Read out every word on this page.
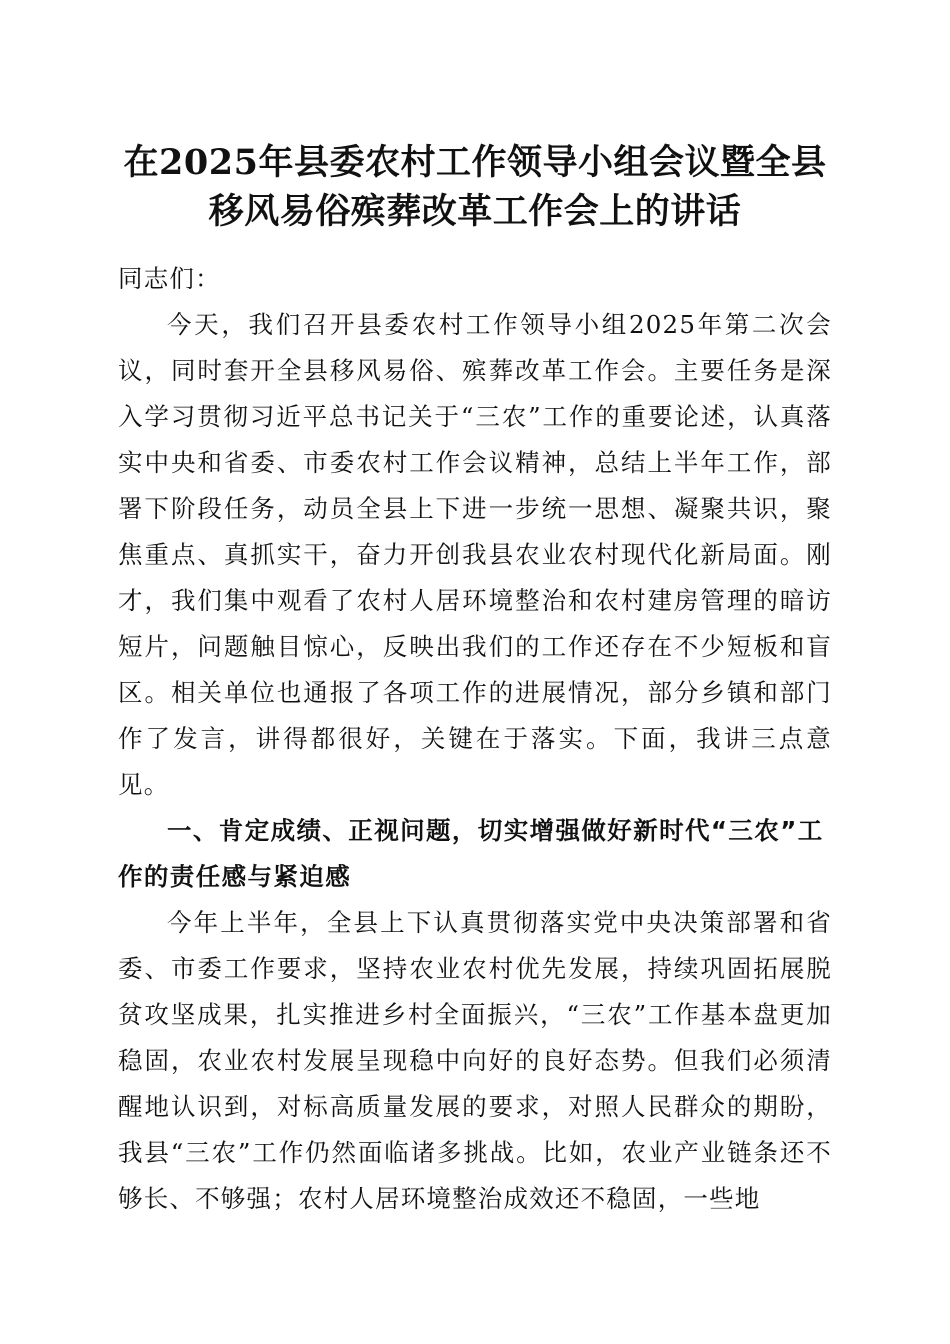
在2025年县委农村工作领导小组会议暨全县
移风易俗殡葬改革工作会上的讲话

同志们：

今天，我们召开县委农村工作领导小组2025年第二次会议，同时套开全县移风易俗、殡葬改革工作会。主要任务是深入学习贯彻习近平总书记关于“三农”工作的重要论述，认真落实中央和省委、市委农村工作会议精神，总结上半年工作，部署下阶段任务，动员全县上下进一步统一思想、凝聚共识，聚焦重点、真抓实干，奋力开创我县农业农村现代化新局面。刚才，我们集中观看了农村人居环境整治和农村建房管理的暗访短片，问题触目惊心，反映出我们的工作还存在不少短板和盲区。相关单位也通报了各项工作的进展情况，部分乡镇和部门作了发言，讲得都很好，关键在于落实。下面，我讲三点意见。

一、肯定成绩、正视问题，切实增强做好新时代“三农”工作的责任感与紧迫感

今年上半年，全县上下认真贯彻落实党中央决策部署和省委、市委工作要求，坚持农业农村优先发展，持续巩固拓展脱贫攻坚成果，扎实推进乡村全面振兴，“三农”工作基本盘更加稳固，农业农村发展呈现稳中向好的良好态势。但我们必须清醒地认识到，对标高质量发展的要求，对照人民群众的期盼，我县“三农”工作仍然面临诸多挑战。比如，农业产业链条还不够长、不够强；农村人居环境整治成效还不稳固，一些地
